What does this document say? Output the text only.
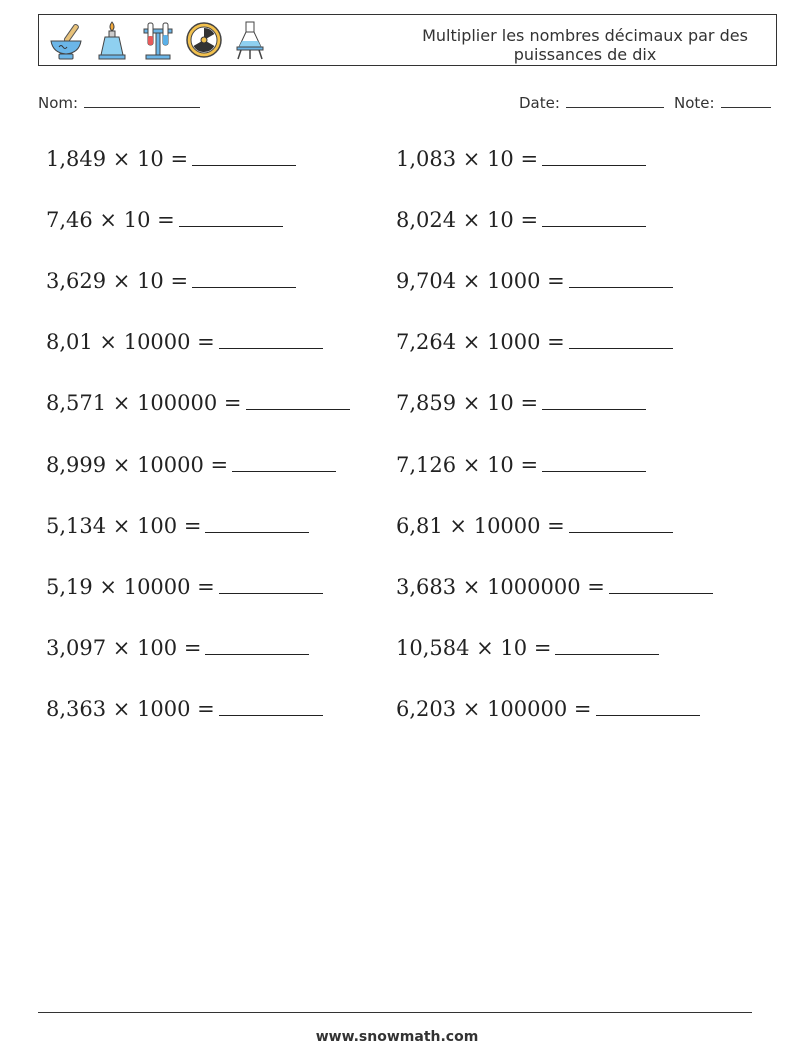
Multiplier les nombres décimaux par des puissances de dix
Nom:	Date:	Note:
1,849 × 10 =
7,46 × 10 =
3,629 × 10 =
8,01 × 10000 =
8,571 × 100000 =
8,999 × 10000 =
5,134 × 100 =
5,19 × 10000 =
3,097 × 100 =
8,363 × 1000 =
1,083 × 10 =
8,024 × 10 =
9,704 × 1000 =
7,264 × 1000 =
7,859 × 10 =
7,126 × 10 =
6,81 × 10000 =
3,683 × 1000000 =
10,584 × 10 =
6,203 × 100000 =
www.snowmath.com
